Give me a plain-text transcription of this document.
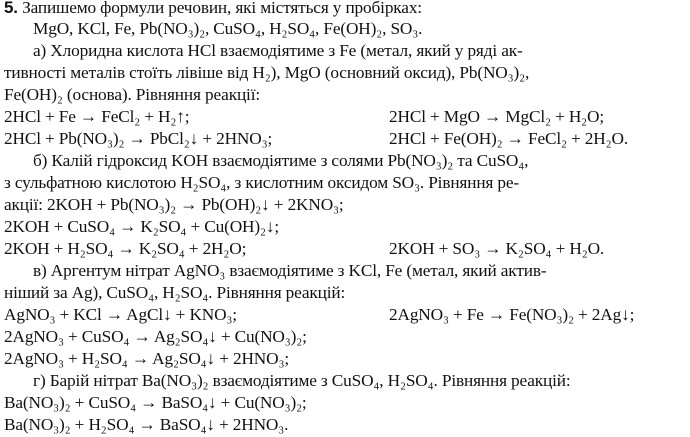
5. Запишемо формули речовин, які містяться у пробірках:
MgO, KCl, Fe, Pb(NO₃)₂, CuSO₄, H₂SO₄, Fe(OH)₂, SO₃.
а) Хлоридна кислота HCl взаємодіятиме з Fe (метал, який у ряді ак-
тивності металів стоїть лівіше від H₂), MgO (основний оксид), Pb(NO₃)₂,
Fe(OH)₂ (основа). Рівняння реакції:
2HCl + Fe → FeCl₂ + H₂↑;	2HCl + MgO → MgCl₂ + H₂O;
2HCl + Pb(NO₃)₂ → PbCl₂↓ + 2HNO₃;	2HCl + Fe(OH)₂ → FeCl₂ + 2H₂O.
б) Калій гідроксид KOH взаємодіятиме з солями Pb(NO₃)₂ та CuSO₄,
з сульфатною кислотою H₂SO₄, з кислотним оксидом SO₃. Рівняння ре-
акції: 2KOH + Pb(NO₃)₂ → Pb(OH)₂↓ + 2KNO₃;
2KOH + CuSO₄ → K₂SO₄ + Cu(OH)₂↓;
2KOH + H₂SO₄ → K₂SO₄ + 2H₂O;	2KOH + SO₃ → K₂SO₄ + H₂O.
в) Аргентум нітрат AgNO₃ взаємодіятиме з KCl, Fe (метал, який актив-
ніший за Ag), CuSO₄, H₂SO₄. Рівняння реакцій:
AgNO₃ + KCl → AgCl↓ + KNO₃;	2AgNO₃ + Fe → Fe(NO₃)₂ + 2Ag↓;
2AgNO₃ + CuSO₄ → Ag₂SO₄↓ + Cu(NO₃)₂;
2AgNO₃ + H₂SO₄ → Ag₂SO₄↓ + 2HNO₃;
г) Барій нітрат Ba(NO₃)₂ взаємодіятиме з CuSO₄, H₂SO₄. Рівняння реакцій:
Ba(NO₃)₂ + CuSO₄ → BaSO₄↓ + Cu(NO₃)₂;
Ba(NO₃)₂ + H₂SO₄ → BaSO₄↓ + 2HNO₃.
